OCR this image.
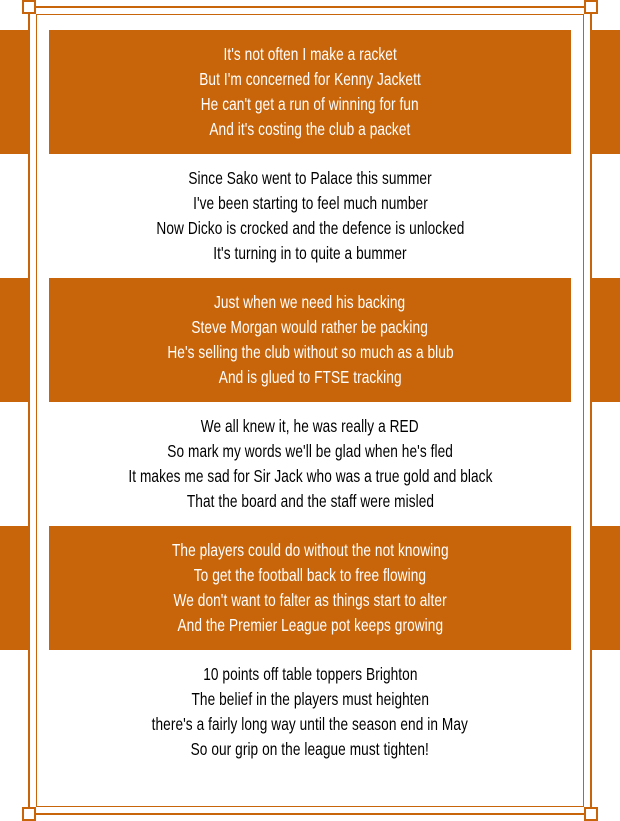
It's not often I make a racket
But I'm concerned for Kenny Jackett
He can't get a run of winning for fun
And it's costing the club a packet
Since Sako went to Palace this summer
I've been starting to feel much number
Now Dicko is crocked and the defence is unlocked
It's turning in to quite a bummer
Just when we need his backing
Steve Morgan would rather be packing
He's selling the club without so much as a blub
And is glued to FTSE tracking
We all knew it, he was really a RED
So mark my words we'll be glad when he's fled
It makes me sad for Sir Jack who was a true gold and black
That the board and the staff were misled
The players could do without the not knowing
To get the football back to free flowing
We don't want to falter as things start to alter
And the Premier League pot keeps growing
10 points off table toppers Brighton
The belief in the players must heighten
there's a fairly long way until the season end in May
So our grip on the league must tighten!
